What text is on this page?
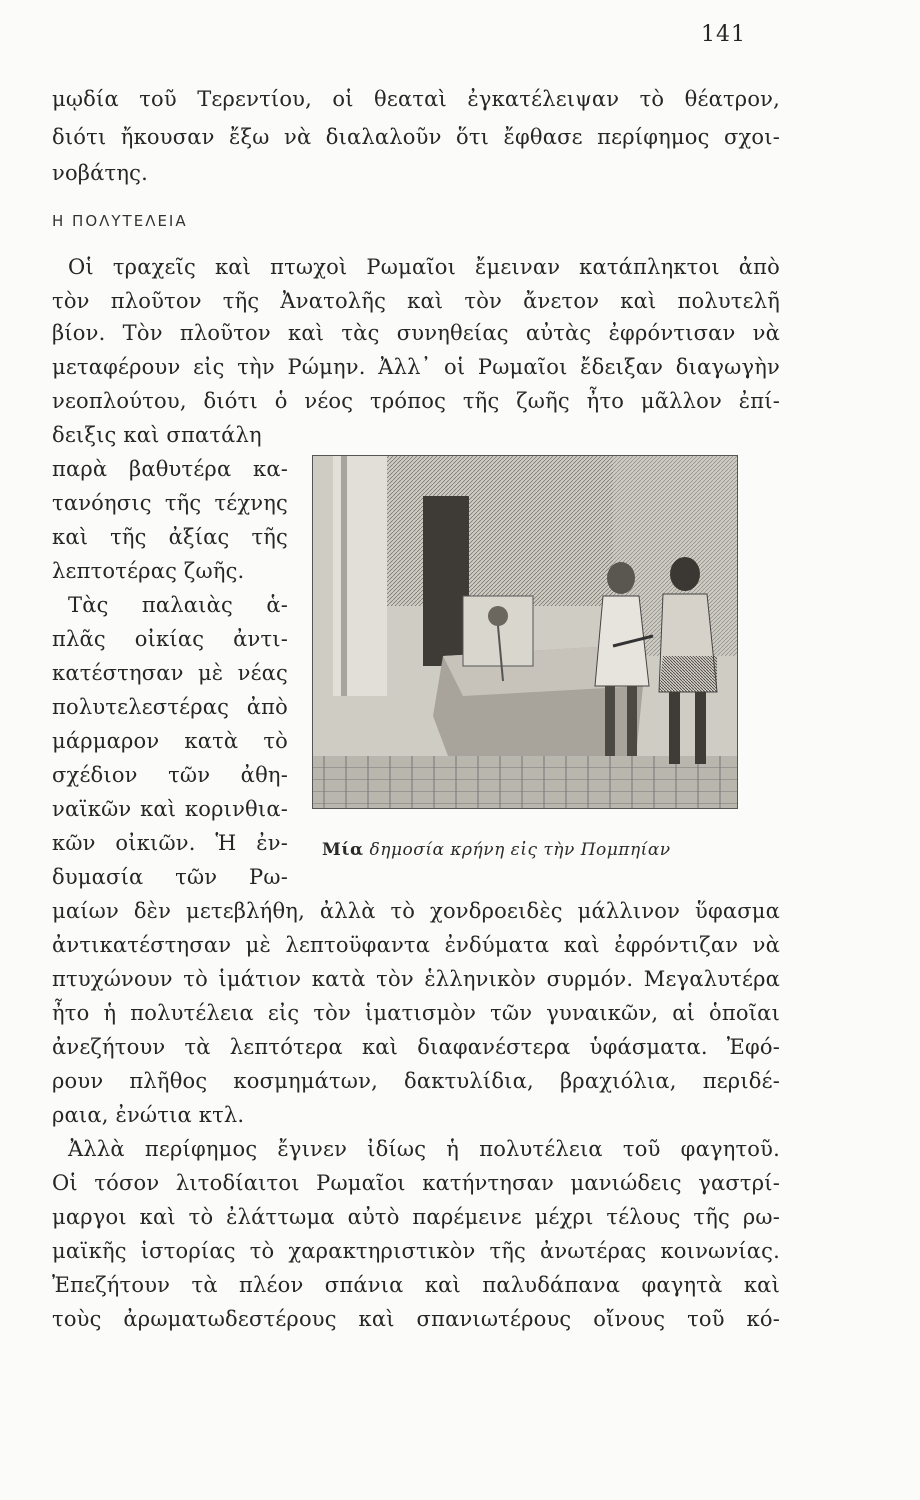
141
μῳδία τοῦ Τερεντίου, οἱ θεαταὶ ἐγκατέλειψαν τὸ θέατρον,
διότι ἤκουσαν ἔξω νὰ διαλαλοῦν ὅτι ἔφθασε περίφημος σχοι-
νοβάτης.
Η ΠΟΛΥΤΕΛΕΙΑ
Οἱ τραχεῖς καὶ πτωχοὶ Ρωμαῖοι ἔμειναν κατάπληκτοι ἀπὸ
τὸν πλοῦτον τῆς Ἀνατολῆς καὶ τὸν ἄνετον καὶ πολυτελῆ
βίον. Τὸν πλοῦτον καὶ τὰς συνηθείας αὐτὰς ἐφρόντισαν νὰ
μεταφέρουν εἰς τὴν Ρώμην. Ἀλλ᾽ οἱ Ρωμαῖοι ἔδειξαν διαγωγὴν
νεοπλούτου, διότι ὁ νέος τρόπος τῆς ζωῆς ἦτο μᾶλλον ἐπί-
δειξις καὶ σπατάλη
παρὰ βαθυτέρα κα-
τανόησις τῆς τέχνης
καὶ τῆς ἀξίας τῆς
λεπτοτέρας ζωῆς.
Τὰς παλαιὰς ἁ-
πλᾶς οἰκίας ἀντι-
κατέστησαν μὲ νέας
πολυτελεστέρας ἀπὸ
μάρμαρον κατὰ τὸ
σχέδιον τῶν ἀθη-
ναϊκῶν καὶ κορινθια-
κῶν οἰκιῶν. Ἡ ἐν-
δυμασία τῶν Ρω-
Μία δημοσία κρήνη εἰς τὴν Πομπηίαν
μαίων δὲν μετεβλήθη, ἀλλὰ τὸ χονδροειδὲς μάλλινον ὕφασμα
ἀντικατέστησαν μὲ λεπτοϋφαντα ἐνδύματα καὶ ἐφρόντιζαν νὰ
πτυχώνουν τὸ ἱμάτιον κατὰ τὸν ἑλληνικὸν συρμόν. Μεγαλυτέρα
ἦτο ἡ πολυτέλεια εἰς τὸν ἱματισμὸν τῶν γυναικῶν, αἱ ὁποῖαι
ἀνεζήτουν τὰ λεπτότερα καὶ διαφανέστερα ὑφάσματα. Ἐφό-
ρουν πλῆθος κοσμημάτων, δακτυλίδια, βραχιόλια, περιδέ-
ραια, ἐνώτια κτλ.
Ἀλλὰ περίφημος ἔγινεν ἰδίως ἡ πολυτέλεια τοῦ φαγητοῦ.
Οἱ τόσον λιτοδίαιτοι Ρωμαῖοι κατήντησαν μανιώδεις γαστρί-
μαργοι καὶ τὸ ἐλάττωμα αὐτὸ παρέμεινε μέχρι τέλους τῆς ρω-
μαϊκῆς ἱστορίας τὸ χαρακτηριστικὸν τῆς ἀνωτέρας κοινωνίας.
Ἐπεζήτουν τὰ πλέον σπάνια καὶ παλυδάπανα φαγητὰ καὶ
τοὺς ἀρωματωδεστέρους καὶ σπανιωτέρους οἴνους τοῦ κό-
